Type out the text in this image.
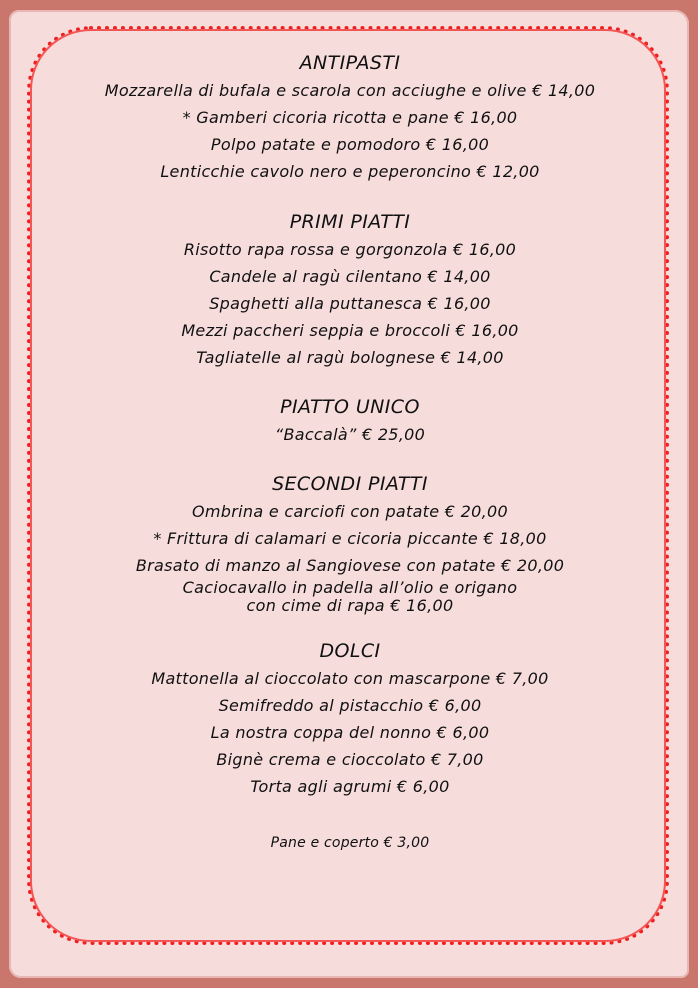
ANTIPASTI
Mozzarella di bufala e scarola con acciughe e olive € 14,00
* Gamberi cicoria ricotta e pane € 16,00
Polpo patate e pomodoro € 16,00
Lenticchie cavolo nero e peperoncino € 12,00
PRIMI PIATTI
Risotto rapa rossa e gorgonzola € 16,00
Candele al ragù cilentano € 14,00
Spaghetti alla puttanesca € 16,00
Mezzi paccheri seppia e broccoli € 16,00
Tagliatelle al ragù bolognese € 14,00
PIATTO UNICO
“Baccalà” € 25,00
SECONDI PIATTI
Ombrina e carciofi con patate € 20,00
* Frittura di calamari e cicoria piccante € 18,00
Brasato di manzo al Sangiovese con patate € 20,00
Caciocavallo in padella all’olio e origano
con cime di rapa € 16,00
DOLCI
Mattonella al cioccolato con mascarpone € 7,00
Semifreddo al pistacchio € 6,00
La nostra coppa del nonno € 6,00
Bignè crema e cioccolato € 7,00
Torta agli agrumi € 6,00
Pane e coperto € 3,00
